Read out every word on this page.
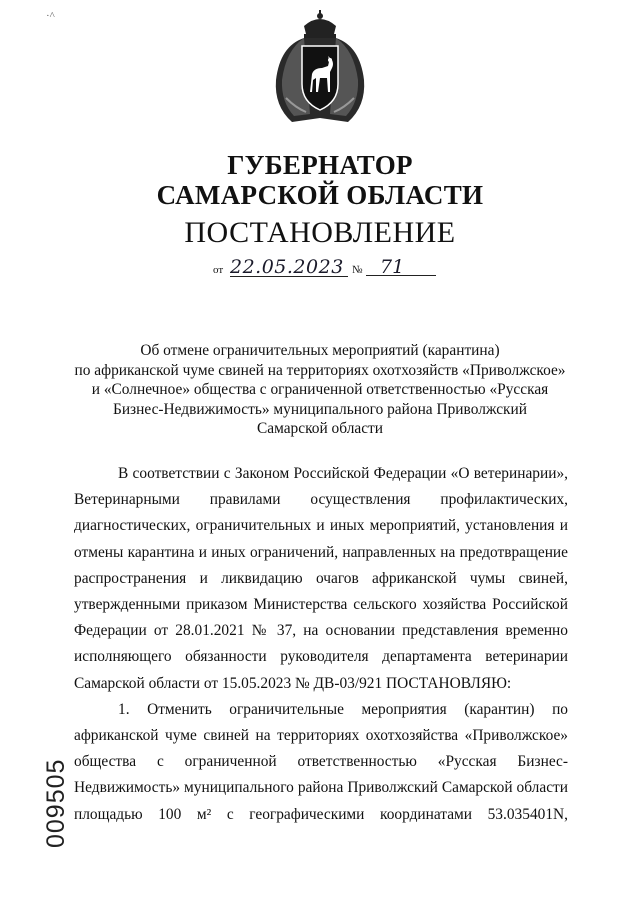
·^
ГУБЕРНАТОР
САМАРСКОЙ ОБЛАСТИ
ПОСТАНОВЛЕНИЕ
от 22.05.2023 № 71
Об отмене ограничительных мероприятий (карантина)
по африканской чуме свиней на территориях охотхозяйств «Приволжское»
и «Солнечное» общества с ограниченной ответственностью «Русская
Бизнес-Недвижимость» муниципального района Приволжский
Самарской области
В соответствии с Законом Российской Федерации «О ветеринарии»,
Ветеринарными правилами осуществления профилактических,
диагностических, ограничительных и иных мероприятий, установления и
отмены карантина и иных ограничений, направленных на предотвращение
распространения и ликвидацию очагов африканской чумы свиней,
утвержденными приказом Министерства сельского хозяйства Российской
Федерации от 28.01.2021 № 37, на основании представления временно
исполняющего обязанности руководителя департамента ветеринарии
Самарской области от 15.05.2023 № ДВ-03/921 ПОСТАНОВЛЯЮ:
1. Отменить ограничительные мероприятия (карантин) по
африканской чуме свиней на территориях охотхозяйства «Приволжское»
общества с ограниченной ответственностью «Русская Бизнес-
Недвижимость» муниципального района Приволжский Самарской области
площадью 100 м² с географическими координатами 53.035401N,
009505
